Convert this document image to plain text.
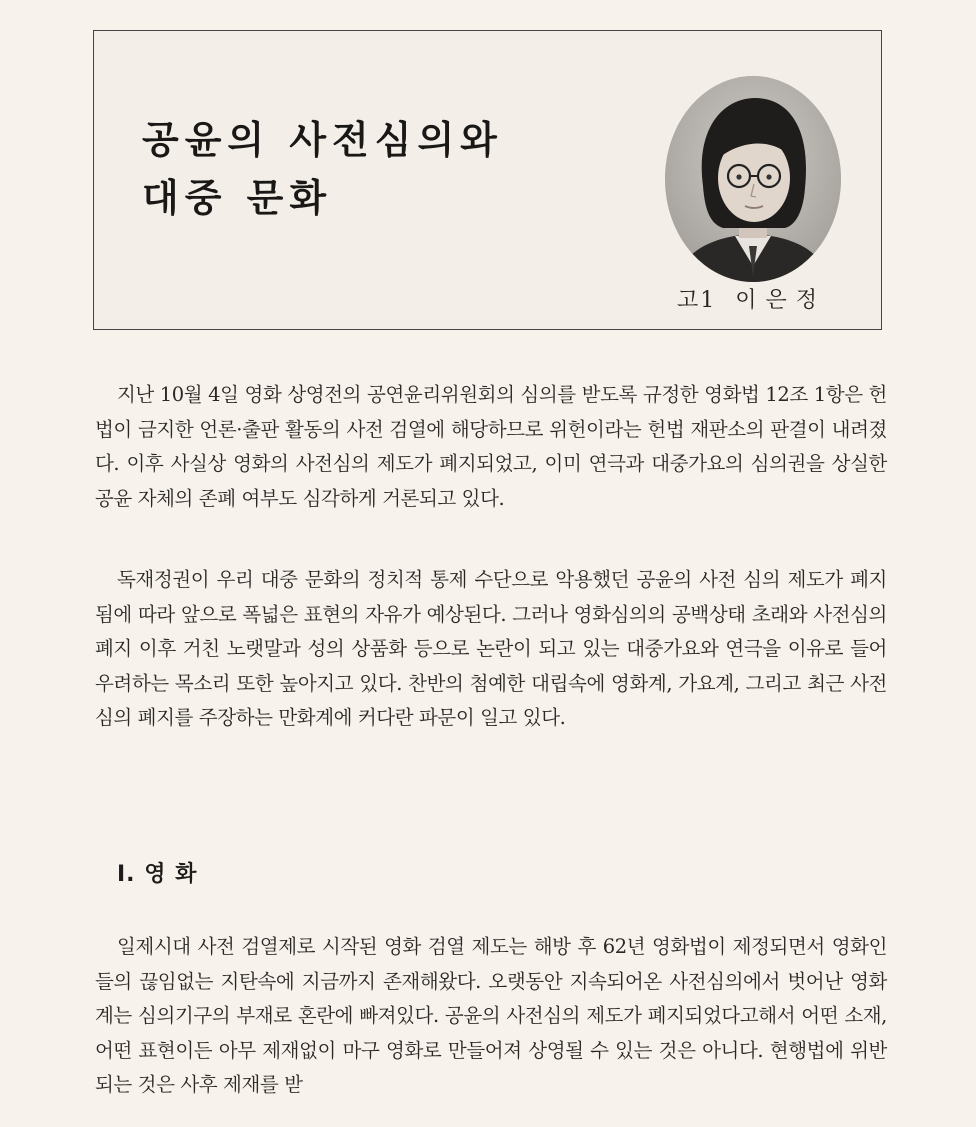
공윤의 사전심의와
대중 문화
고1 이은정

지난 10월 4일 영화 상영전의 공연윤리위원회의 심의를 받도록 규정한 영화법 12조 1항은 헌법이 금지한 언론·출판 활동의 사전 검열에 해당하므로 위헌이라는 헌법 재판소의 판결이 내려졌다. 이후 사실상 영화의 사전심의 제도가 폐지되었고, 이미 연극과 대중가요의 심의권을 상실한 공윤 자체의 존폐 여부도 심각하게 거론되고 있다.

독재정권이 우리 대중 문화의 정치적 통제 수단으로 악용했던 공윤의 사전 심의 제도가 폐지됨에 따라 앞으로 폭넓은 표현의 자유가 예상된다. 그러나 영화심의의 공백상태 초래와 사전심의 폐지 이후 거친 노랫말과 성의 상품화 등으로 논란이 되고 있는 대중가요와 연극을 이유로 들어 우려하는 목소리 또한 높아지고 있다. 찬반의 첨예한 대립속에 영화계, 가요계, 그리고 최근 사전 심의 폐지를 주장하는 만화계에 커다란 파문이 일고 있다.

Ⅰ. 영 화

일제시대 사전 검열제로 시작된 영화 검열 제도는 해방 후 62년 영화법이 제정되면서 영화인들의 끊임없는 지탄속에 지금까지 존재해왔다. 오랫동안 지속되어온 사전심의에서 벗어난 영화계는 심의기구의 부재로 혼란에 빠져있다. 공윤의 사전심의 제도가 폐지되었다고해서 어떤 소재, 어떤 표현이든 아무 제재없이 마구 영화로 만들어져 상영될 수 있는 것은 아니다. 현행법에 위반되는 것은 사후 제재를 받
